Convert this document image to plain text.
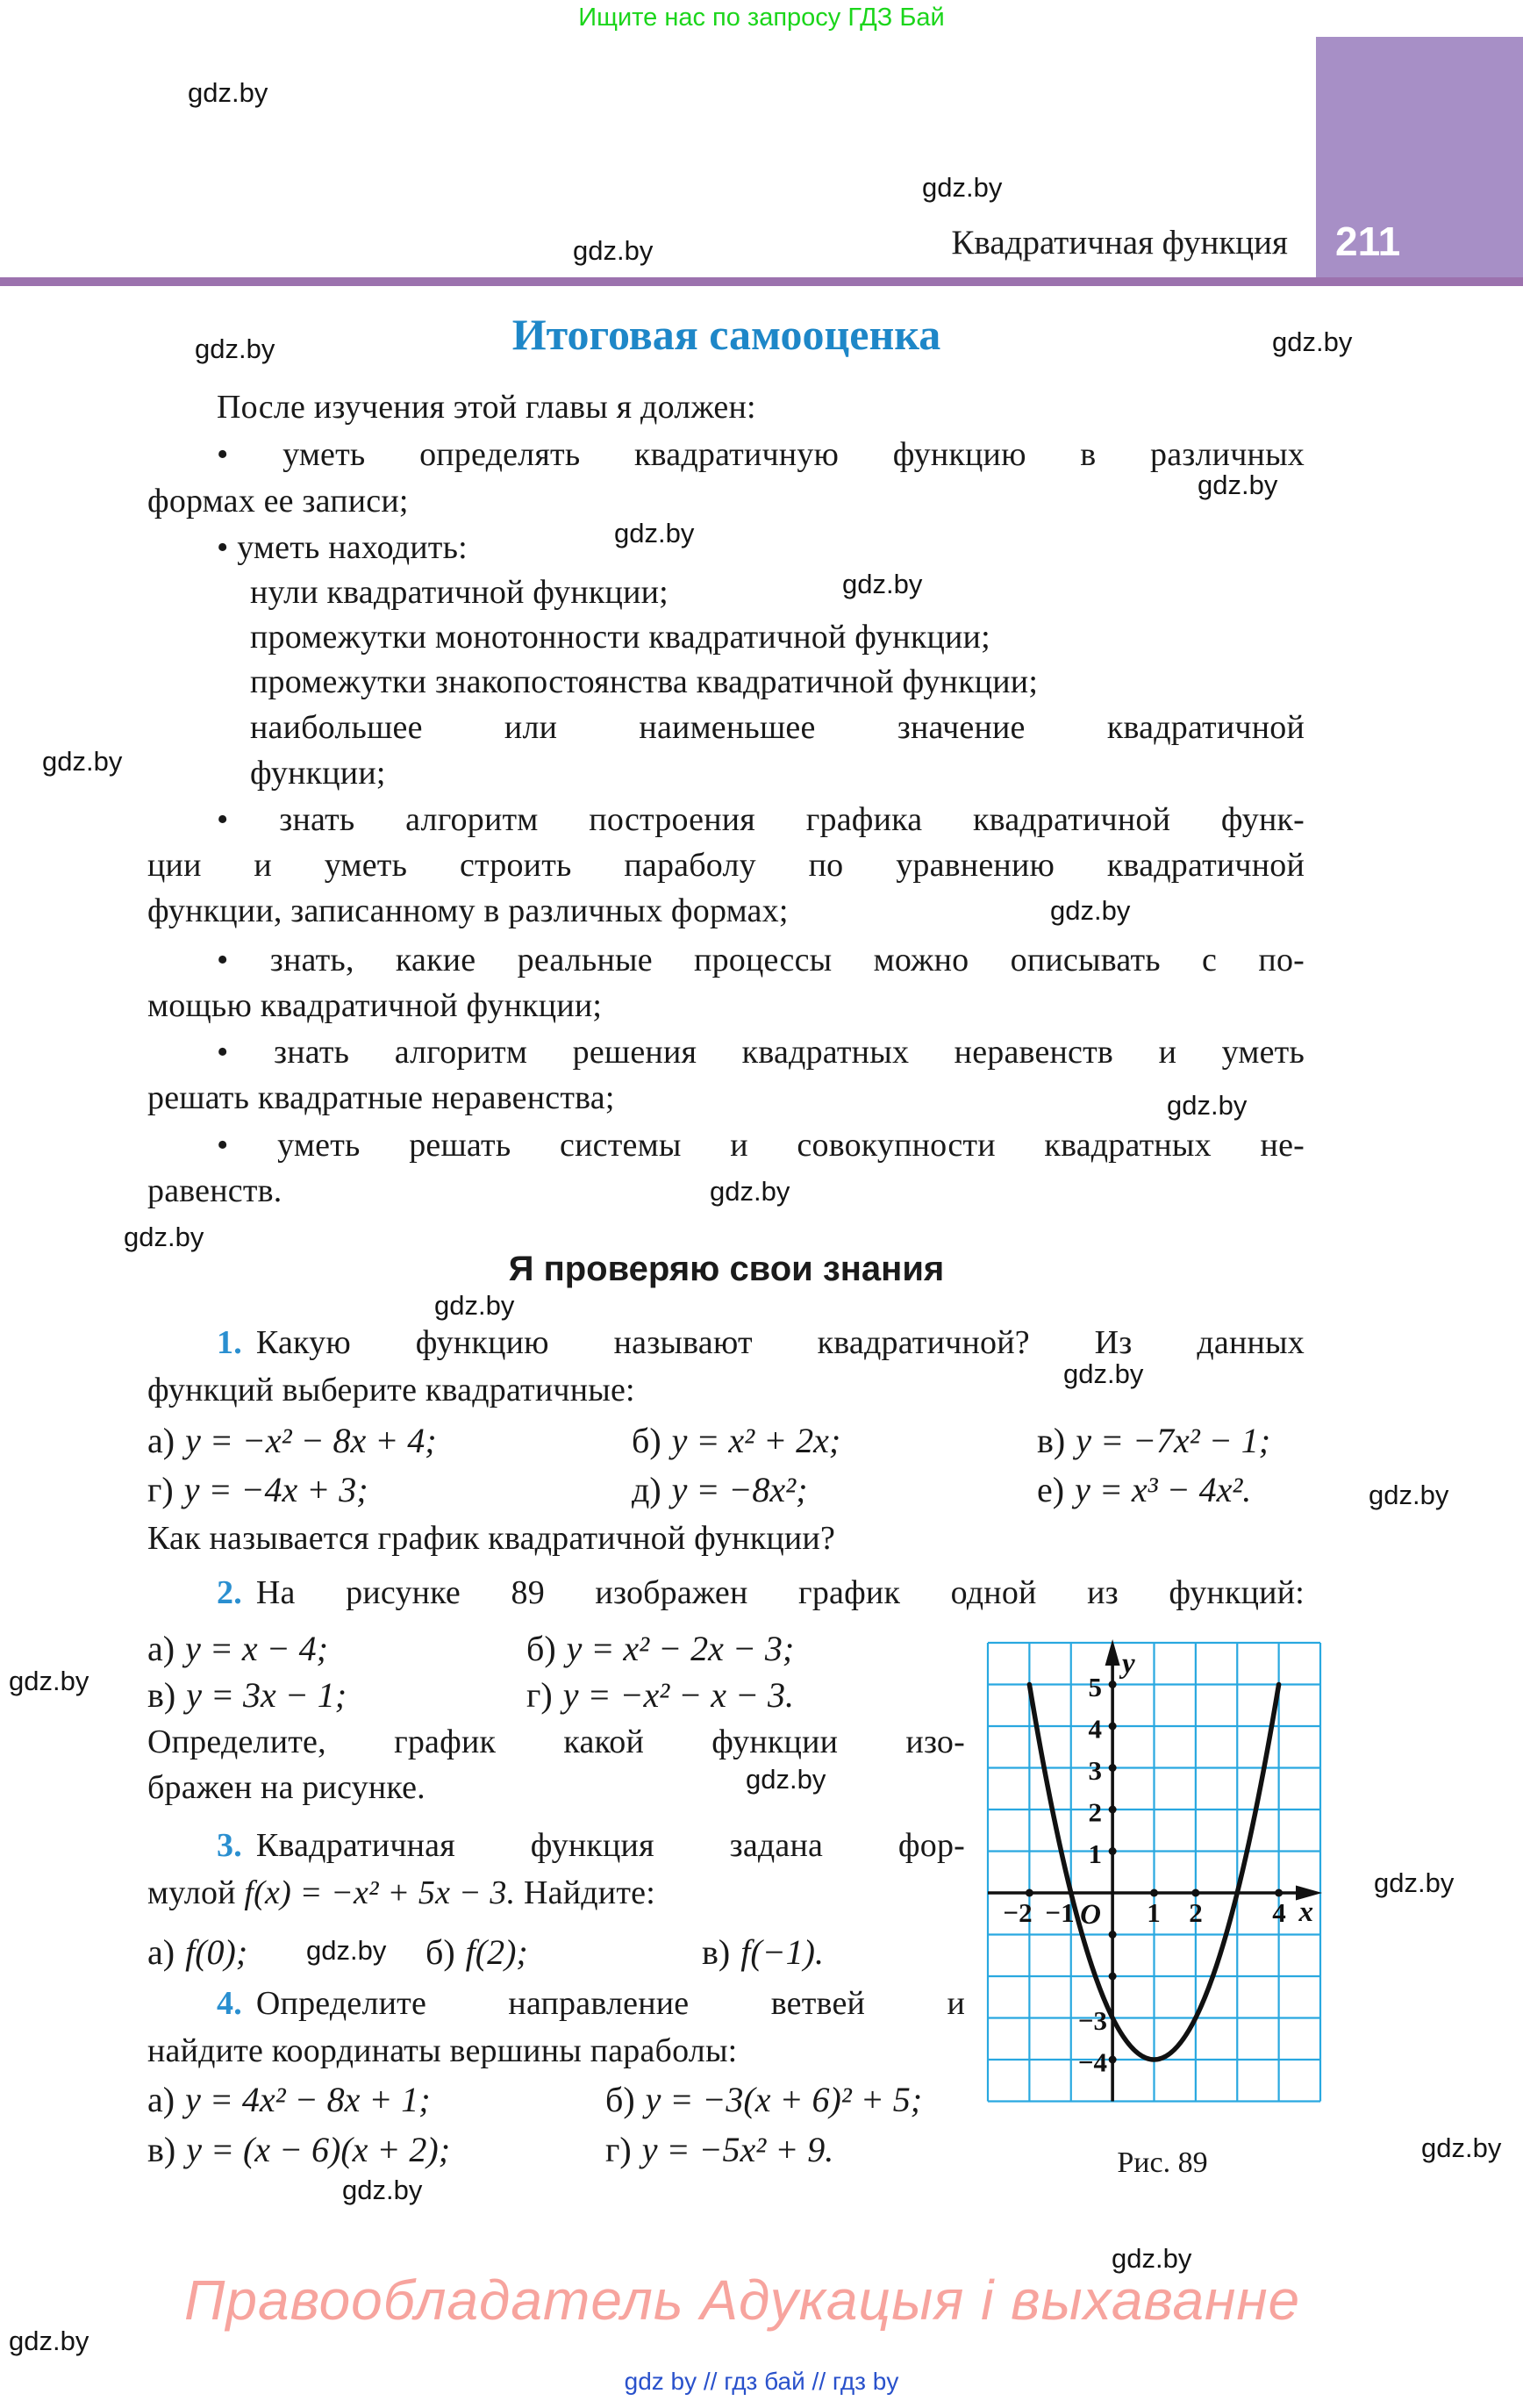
Ищите нас по запросу ГДЗ Бай
gdz.by
gdz.by
gdz.by
gdz.by
gdz.by
gdz.by
gdz.by
gdz.by
gdz.by
gdz.by
gdz.by
gdz.by
gdz.by
gdz.by
gdz.by
gdz.by
gdz.by
gdz.by
gdz.by
gdz.by
gdz.by
gdz.by
gdz.by
gdz.by
Квадратичная функция 211
Итоговая самооценка
После изучения этой главы я должен:
• уметь определять квадратичную функцию в различных
формах ее записи;
• уметь находить:
нули квадратичной функции;
промежутки монотонности квадратичной функции;
промежутки знакопостоянства квадратичной функции;
наибольшее или наименьшее значение квадратичной
функции;
• знать алгоритм построения графика квадратичной функ-
ции и уметь строить параболу по уравнению квадратичной
функции, записанному в различных формах;
• знать, какие реальные процессы можно описывать с по-
мощью квадратичной функции;
• знать алгоритм решения квадратных неравенств и уметь
решать квадратные неравенства;
• уметь решать системы и совокупности квадратных не-
равенств.
Я проверяю свои знания
1. Какую функцию называют квадратичной? Из данных
функций выберите квадратичные:
а) y = −x² − 8x + 4;	б) y = x² + 2x;	в) y = −7x² − 1;
г) y = −4x + 3;	д) y = −8x²;	е) y = x³ − 4x².
Как называется график квадратичной функции?
2. На рисунке 89 изображен график одной из функций:
а) y = x − 4;	б) y = x² − 2x − 3;
в) y = 3x − 1;	г) y = −x² − x − 3.
Определите, график какой функции изо-
бражен на рисунке.
3. Квадратичная функция задана фор-
мулой f(x) = −x² + 5x − 3. Найдите:
а) f(0);	б) f(2);	в) f(−1).
4. Определите направление ветвей и
найдите координаты вершины параболы:
а) y = 4x² − 8x + 1;	б) y = −3(x + 6)² + 5;
в) y = (x − 6)(x + 2);	г) y = −5x² + 9.
5
4
3
2
1
−3
−4
−2 −1	1 2	4
O	x
y
Рис. 89
Правообладатель Адукацыя і выхаванне
gdz by // гдз бай // гдз by
